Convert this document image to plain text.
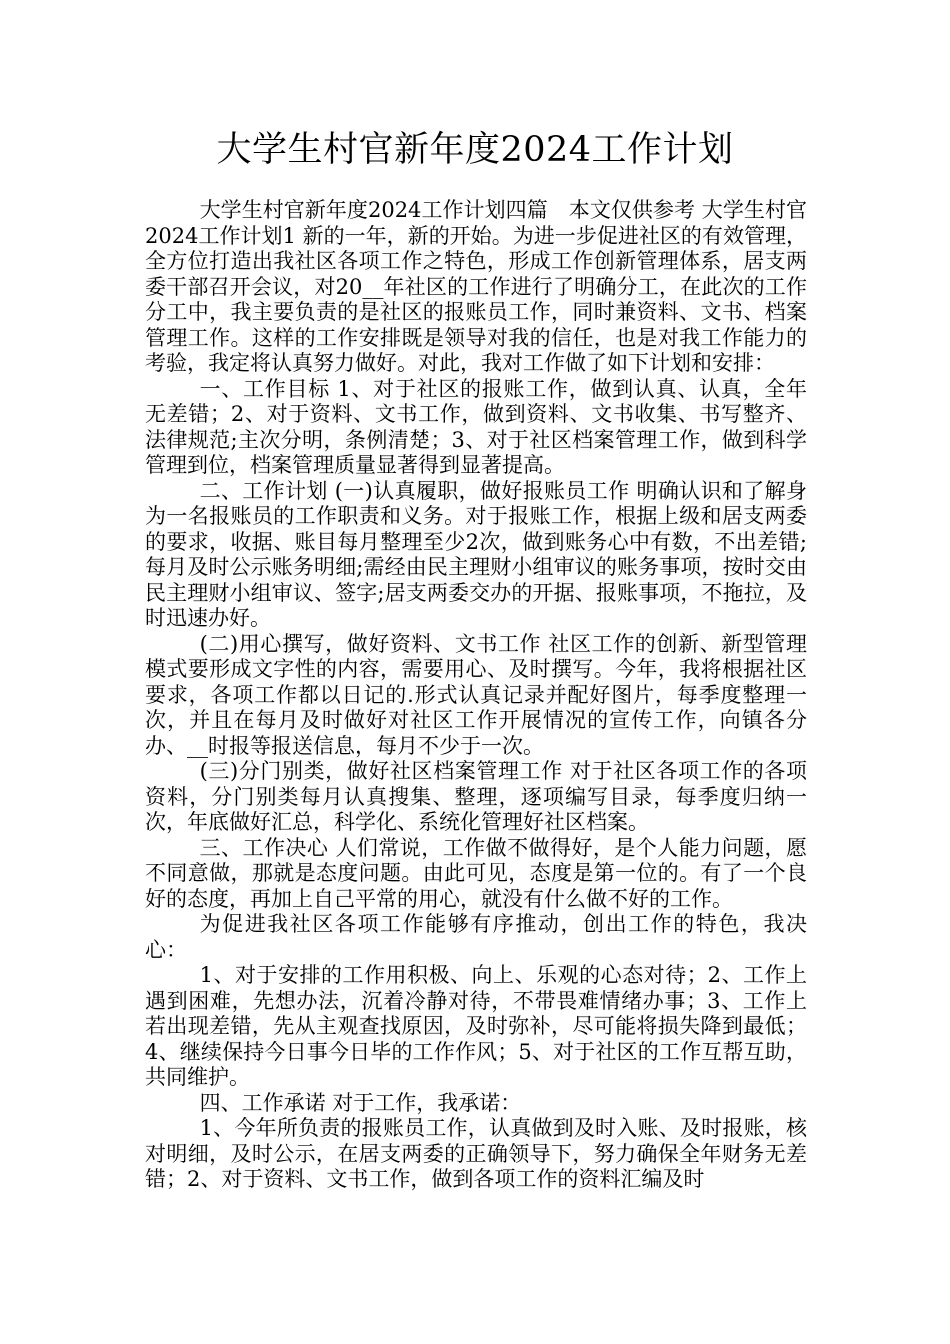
大学生村官新年度2024工作计划

大学生村官新年度2024工作计划四篇　本文仅供参考 大学生村官2024工作计划1 新的一年，新的开始。为进一步促进社区的有效管理，全方位打造出我社区各项工作之特色，形成工作创新管理体系，居支两委干部召开会议，对20__年社区的工作进行了明确分工，在此次的工作分工中，我主要负责的是社区的报账员工作，同时兼资料、文书、档案管理工作。这样的工作安排既是领导对我的信任，也是对我工作能力的考验，我定将认真努力做好。对此，我对工作做了如下计划和安排：

一、工作目标 1、对于社区的报账工作，做到认真、认真，全年无差错；2、对于资料、文书工作，做到资料、文书收集、书写整齐、法律规范;主次分明，条例清楚；3、对于社区档案管理工作，做到科学管理到位，档案管理质量显著得到显著提高。

二、工作计划 (一)认真履职，做好报账员工作 明确认识和了解身为一名报账员的工作职责和义务。对于报账工作，根据上级和居支两委的要求，收据、账目每月整理至少2次，做到账务心中有数，不出差错;每月及时公示账务明细;需经由民主理财小组审议的账务事项，按时交由民主理财小组审议、签字;居支两委交办的开据、报账事项，不拖拉，及时迅速办好。

(二)用心撰写，做好资料、文书工作 社区工作的创新、新型管理模式要形成文字性的内容，需要用心、及时撰写。今年，我将根据社区要求，各项工作都以日记的.形式认真记录并配好图片，每季度整理一次，并且在每月及时做好对社区工作开展情况的宣传工作，向镇各分办、__时报等报送信息，每月不少于一次。

(三)分门别类，做好社区档案管理工作 对于社区各项工作的各项资料，分门别类每月认真搜集、整理，逐项编写目录，每季度归纳一次，年底做好汇总，科学化、系统化管理好社区档案。

三、工作决心 人们常说，工作做不做得好，是个人能力问题，愿不同意做，那就是态度问题。由此可见，态度是第一位的。有了一个良好的态度，再加上自己平常的用心，就没有什么做不好的工作。

为促进我社区各项工作能够有序推动，创出工作的特色，我决心：

1、对于安排的工作用积极、向上、乐观的心态对待；2、工作上遇到困难，先想办法，沉着冷静对待，不带畏难情绪办事；3、工作上若出现差错，先从主观查找原因，及时弥补，尽可能将损失降到最低；4、继续保持今日事今日毕的工作作风；5、对于社区的工作互帮互助，共同维护。

四、工作承诺 对于工作，我承诺：

1、今年所负责的报账员工作，认真做到及时入账、及时报账，核对明细，及时公示，在居支两委的正确领导下，努力确保全年财务无差错；2、对于资料、文书工作，做到各项工作的资料汇编及时
